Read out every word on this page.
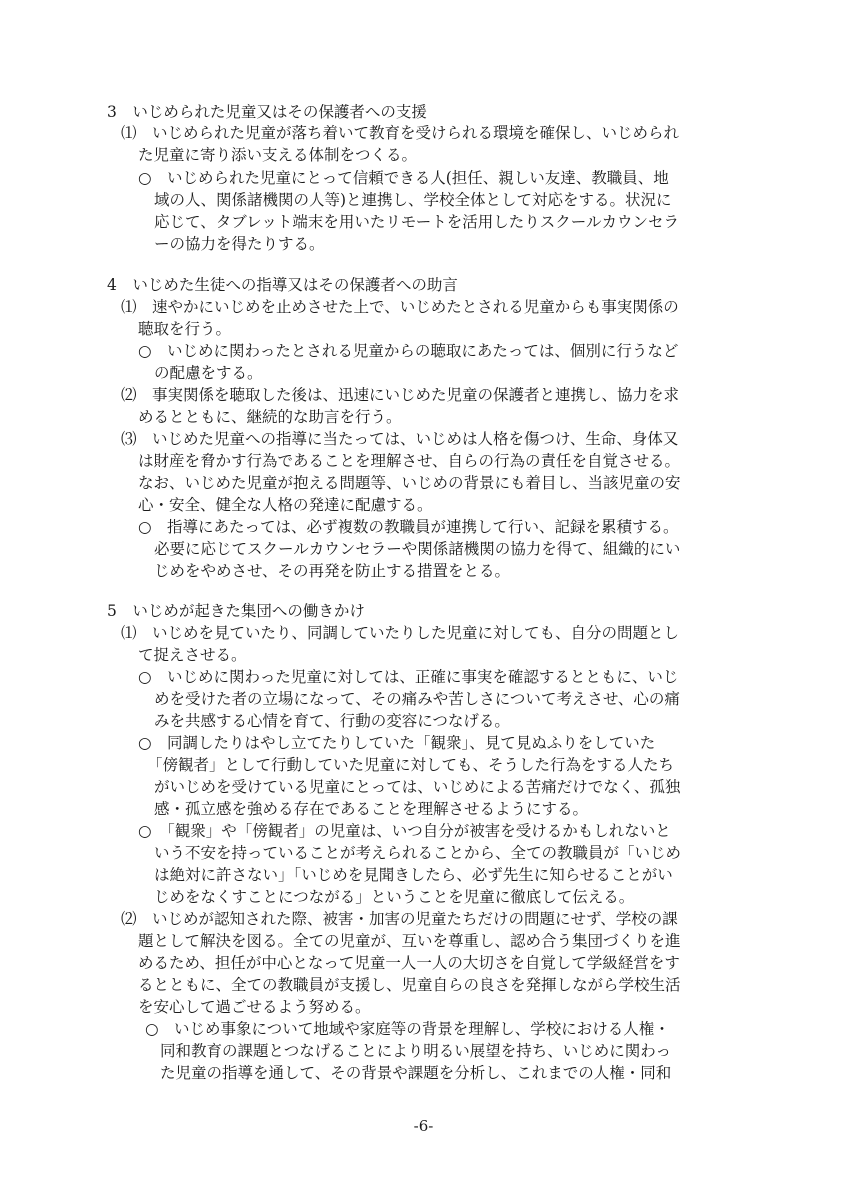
3　いじめられた児童又はその保護者への支援
⑴　いじめられた児童が落ち着いて教育を受けられる環境を確保し、いじめられ
た児童に寄り添い支える体制をつくる。
○　いじめられた児童にとって信頼できる人(担任、親しい友達、教職員、地
域の人、関係諸機関の人等)と連携し、学校全体として対応をする。状況に
応じて、タブレット端末を用いたリモートを活用したりスクールカウンセラ
ーの協力を得たりする。
4　いじめた生徒への指導又はその保護者への助言
⑴　速やかにいじめを止めさせた上で、いじめたとされる児童からも事実関係の
聴取を行う。
○　いじめに関わったとされる児童からの聴取にあたっては、個別に行うなど
の配慮をする。
⑵　事実関係を聴取した後は、迅速にいじめた児童の保護者と連携し、協力を求
めるとともに、継続的な助言を行う。
⑶　いじめた児童への指導に当たっては、いじめは人格を傷つけ、生命、身体又
は財産を脅かす行為であることを理解させ、自らの行為の責任を自覚させる。
なお、いじめた児童が抱える問題等、いじめの背景にも着目し、当該児童の安
心・安全、健全な人格の発達に配慮する。
○　指導にあたっては、必ず複数の教職員が連携して行い、記録を累積する。
必要に応じてスクールカウンセラーや関係諸機関の協力を得て、組織的にい
じめをやめさせ、その再発を防止する措置をとる。
5　いじめが起きた集団への働きかけ
⑴　いじめを見ていたり、同調していたりした児童に対しても、自分の問題とし
て捉えさせる。
○　いじめに関わった児童に対しては、正確に事実を確認するとともに、いじ
めを受けた者の立場になって、その痛みや苦しさについて考えさせ、心の痛
みを共感する心情を育て、行動の変容につなげる。
○　同調したりはやし立てたりしていた「観衆」、見て見ぬふりをしていた
「傍観者」として行動していた児童に対しても、そうした行為をする人たち
がいじめを受けている児童にとっては、いじめによる苦痛だけでなく、孤独
感・孤立感を強める存在であることを理解させるようにする。
○　「観衆」や「傍観者」の児童は、いつ自分が被害を受けるかもしれないと
いう不安を持っていることが考えられることから、全ての教職員が「いじめ
は絶対に許さない」「いじめを見聞きしたら、必ず先生に知らせることがい
じめをなくすことにつながる」ということを児童に徹底して伝える。
⑵　いじめが認知された際、被害・加害の児童たちだけの問題にせず、学校の課
題として解決を図る。全ての児童が、互いを尊重し、認め合う集団づくりを進
めるため、担任が中心となって児童一人一人の大切さを自覚して学級経営をす
るとともに、全ての教職員が支援し、児童自らの良さを発揮しながら学校生活
を安心して過ごせるよう努める。
○　いじめ事象について地域や家庭等の背景を理解し、学校における人権・
同和教育の課題とつなげることにより明るい展望を持ち、いじめに関わっ
た児童の指導を通して、その背景や課題を分析し、これまでの人権・同和
-6-
